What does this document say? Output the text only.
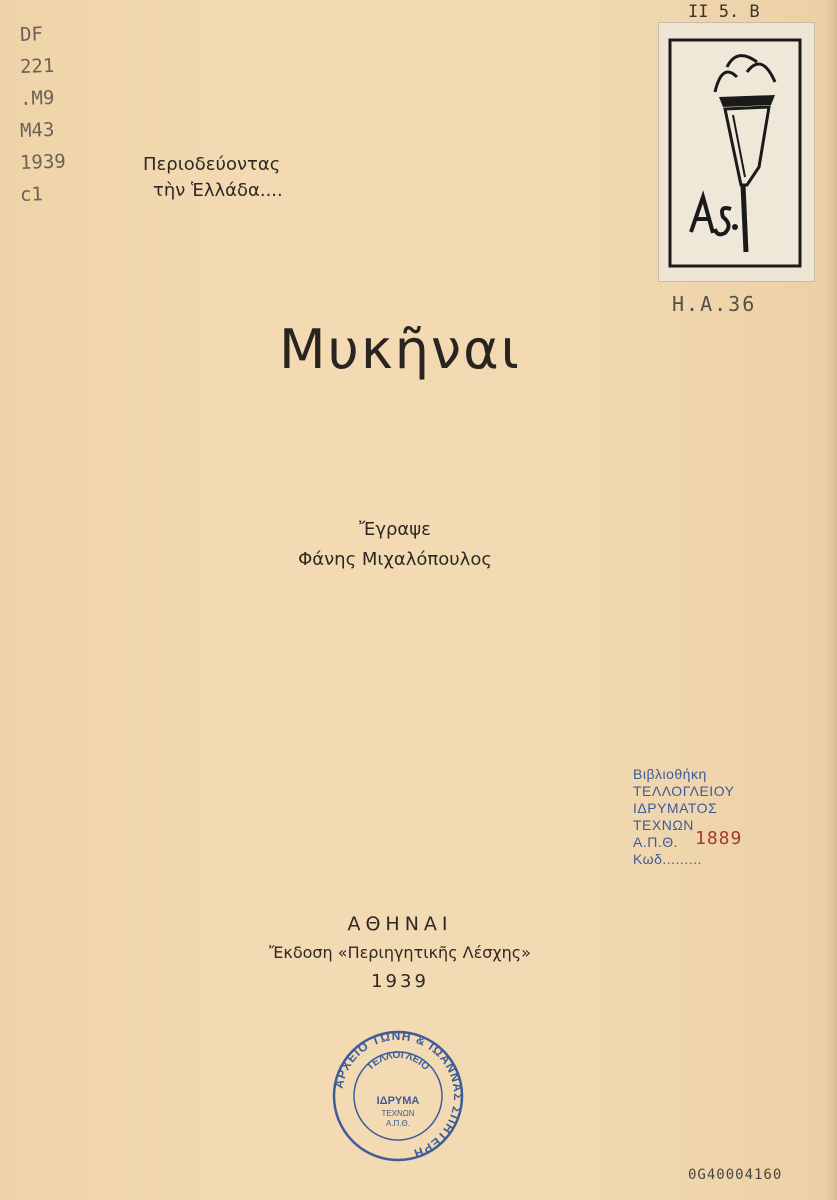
DF
221
.M9
M43
1939
c1
Περιοδεύοντας
τὴν Ἑλλάδα....
Μυκῆναι
Ἔγραψε
Φάνης Μιχαλόπουλος
ΑΘΗΝΑΙ
Ἔκδοση «Περιηγητικῆς Λέσχης»
1939
II 5. B
H.A.36
Βιβλιοθήκη
ΤΕΛΛΟΓΛΕΙΟΥ
ΙΔΡΥΜΑΤΟΣ
ΤΕΧΝΩΝ
Α.Π.Θ. 1889
Κωδ.........
ΑΡΧΕΙΟ ΤΩΝΗ & ΙΩΑΝΝΑΣ ΣΠΗΤΕΡΗ
ΤΕΛΛΟΓΛΕΙΟ
ΙΔΡΥΜΑ
ΤΕΧΝΩΝ
Α.Π.Θ.
0G40004160
